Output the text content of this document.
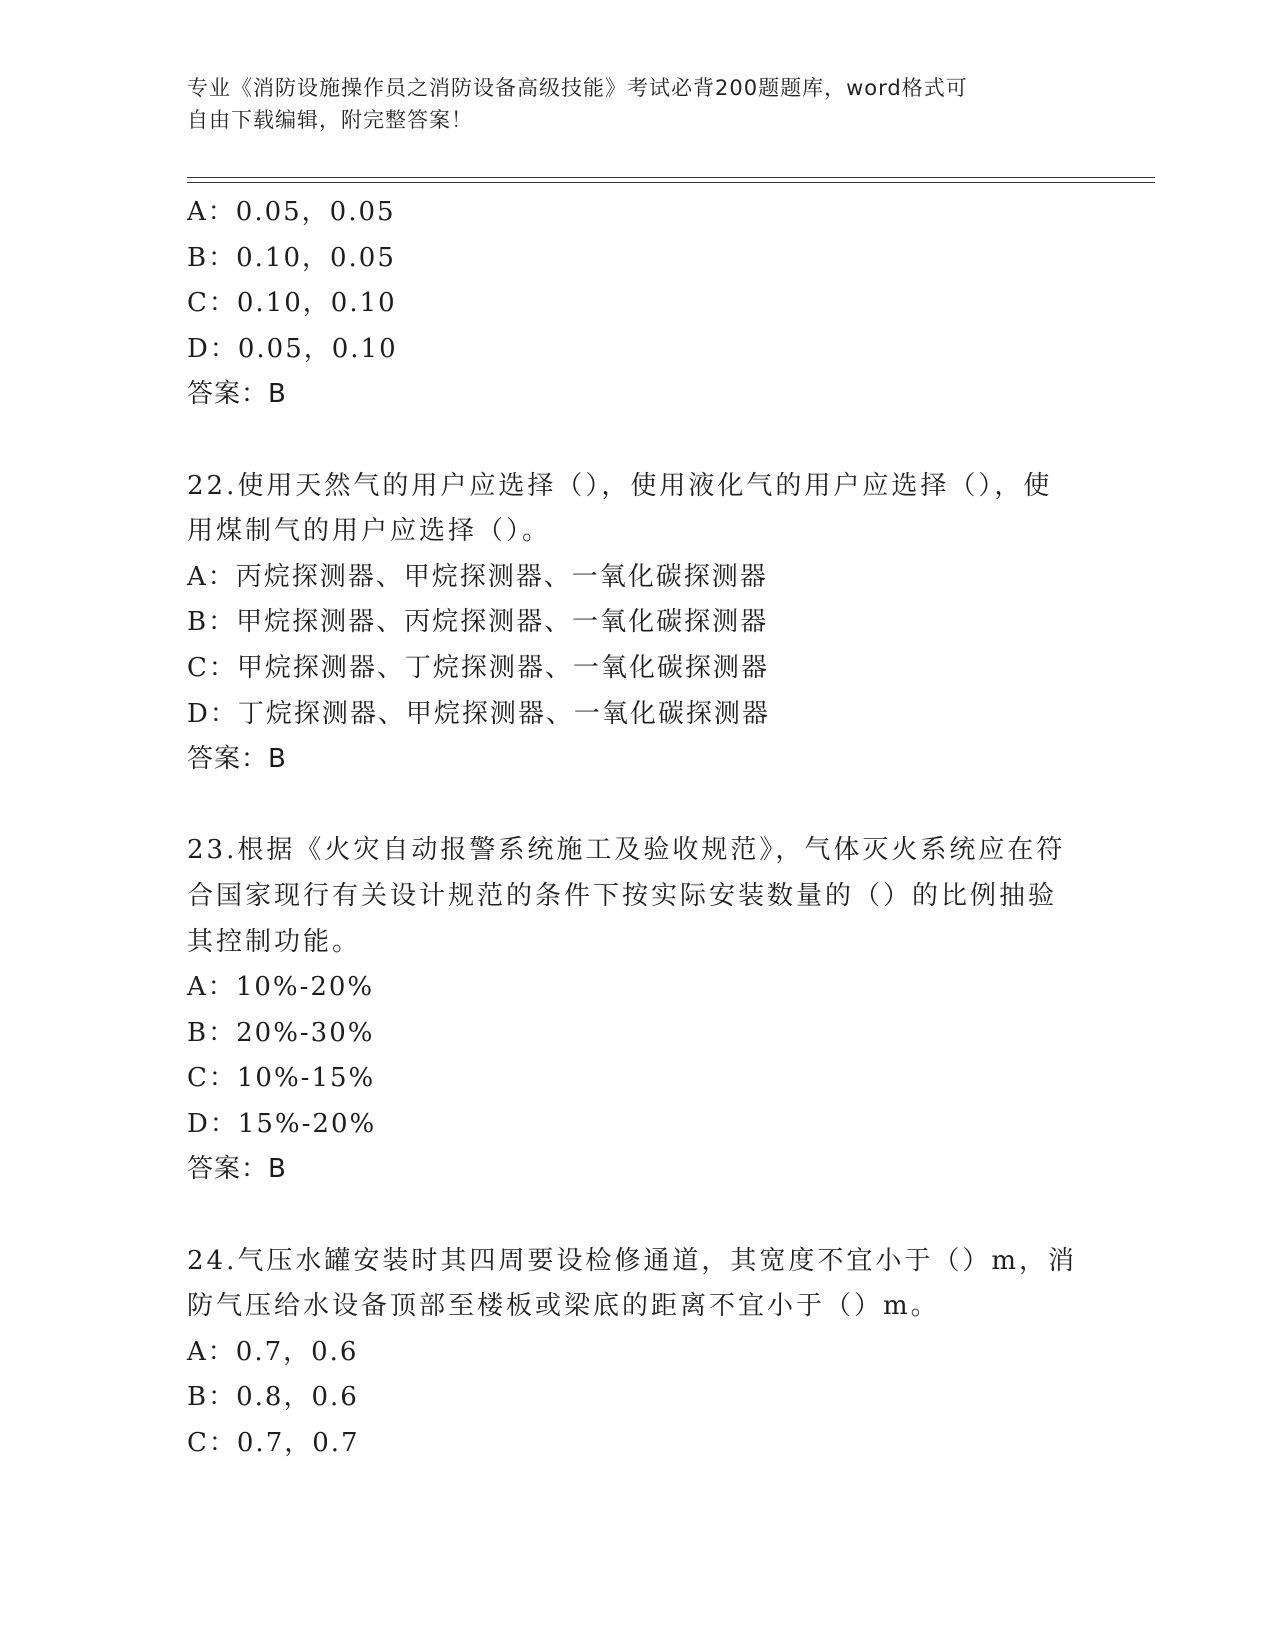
专业《消防设施操作员之消防设备高级技能》考试必背200题题库，word格式可
自由下载编辑，附完整答案！
A：0.05，0.05
B：0.10，0.05
C：0.10，0.10
D：0.05，0.10
答案：B
22.使用天然气的用户应选择（），使用液化气的用户应选择（），使
用煤制气的用户应选择（）。
A：丙烷探测器、甲烷探测器、一氧化碳探测器
B：甲烷探测器、丙烷探测器、一氧化碳探测器
C：甲烷探测器、丁烷探测器、一氧化碳探测器
D：丁烷探测器、甲烷探测器、一氧化碳探测器
答案：B
23.根据《火灾自动报警系统施工及验收规范》，气体灭火系统应在符
合国家现行有关设计规范的条件下按实际安装数量的（）的比例抽验
其控制功能。
A：10%-20%
B：20%-30%
C：10%-15%
D：15%-20%
答案：B
24.气压水罐安装时其四周要设检修通道，其宽度不宜小于（）m，消
防气压给水设备顶部至楼板或梁底的距离不宜小于（）m。
A：0.7，0.6
B：0.8，0.6
C：0.7，0.7
